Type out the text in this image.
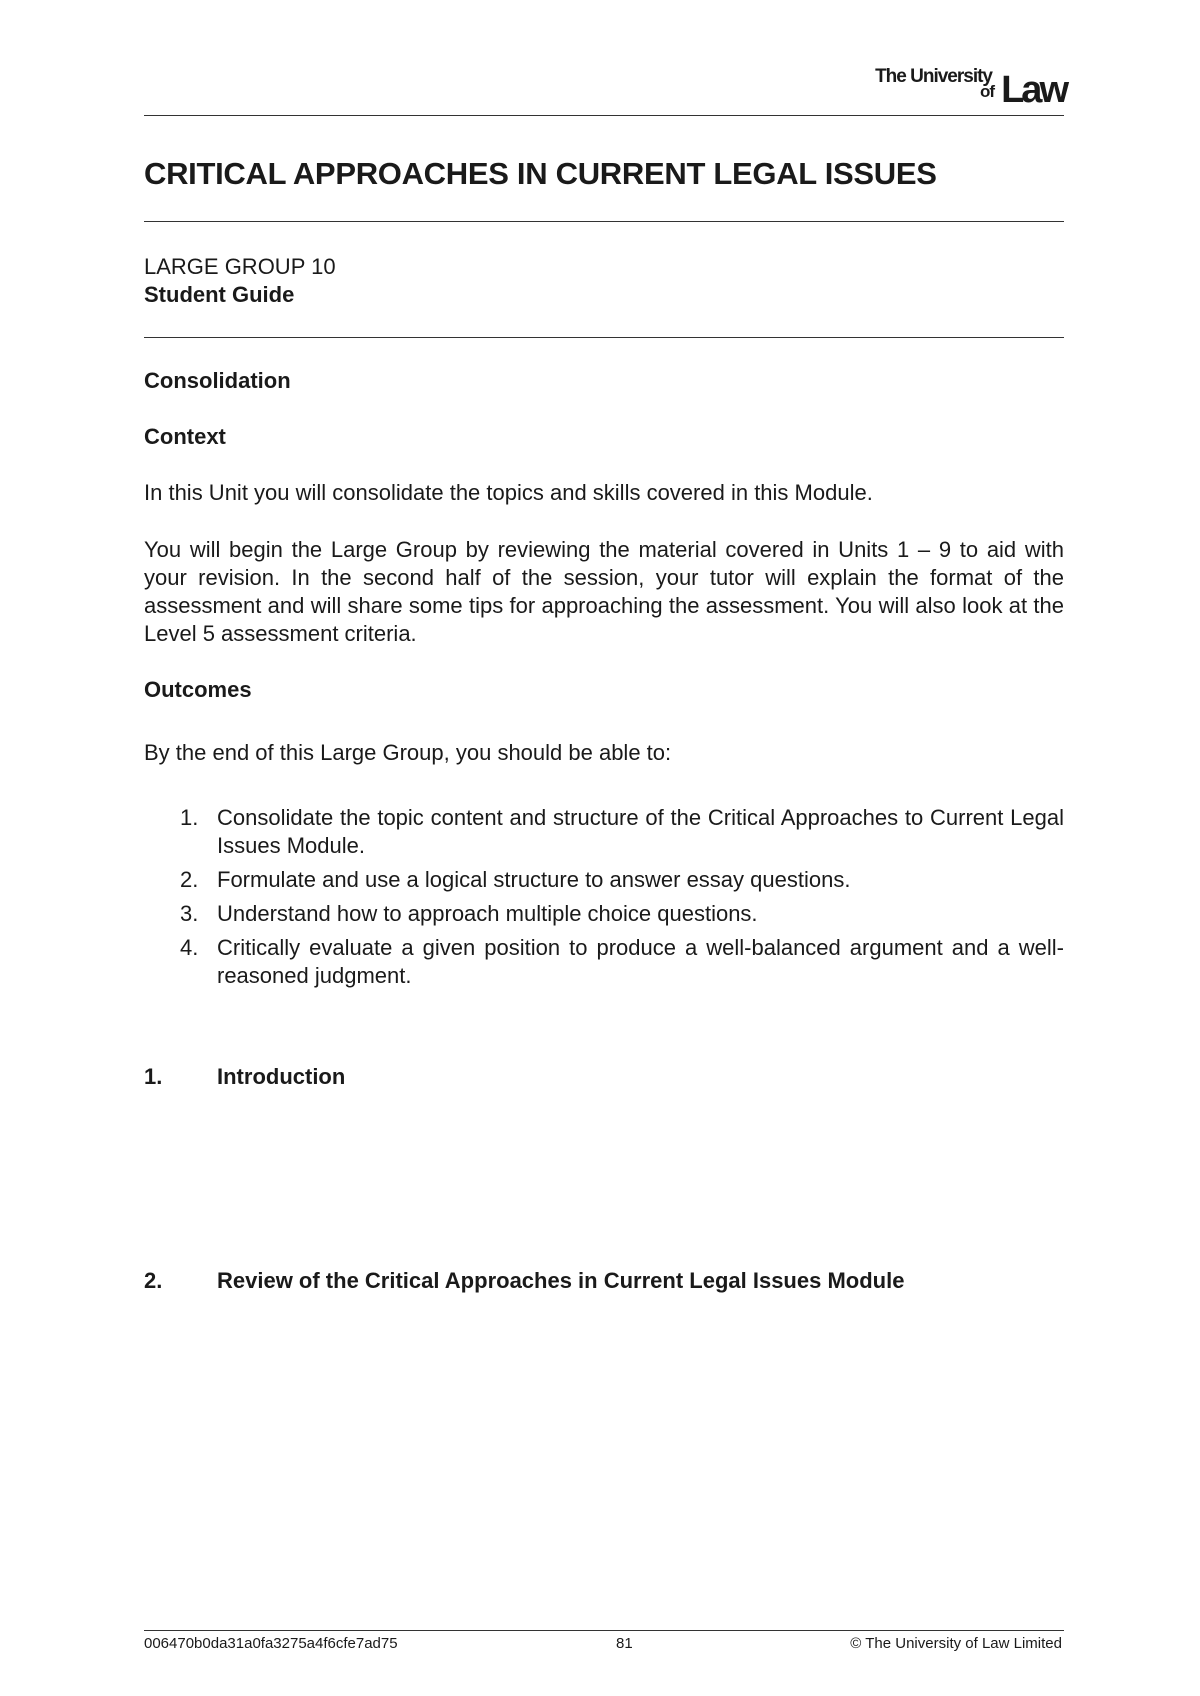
The University
of Law
CRITICAL APPROACHES IN CURRENT LEGAL ISSUES

LARGE GROUP 10

Student Guide

Consolidation

Context

In this Unit you will consolidate the topics and skills covered in this Module.

You will begin the Large Group by reviewing the material covered in Units 1 – 9 to aid with your revision. In the second half of the session, your tutor will explain the format of the assessment and will share some tips for approaching the assessment. You will also look at the Level 5 assessment criteria.

Outcomes

By the end of this Large Group, you should be able to:

1. Consolidate the topic content and structure of the Critical Approaches to Current Legal Issues Module.
2. Formulate and use a logical structure to answer essay questions.
3. Understand how to approach multiple choice questions.
4. Critically evaluate a given position to produce a well-balanced argument and a well-reasoned judgment.

1. Introduction

2. Review of the Critical Approaches in Current Legal Issues Module

006470b0da31a0fa3275a4f6cfe7ad75	81	© The University of Law Limited
